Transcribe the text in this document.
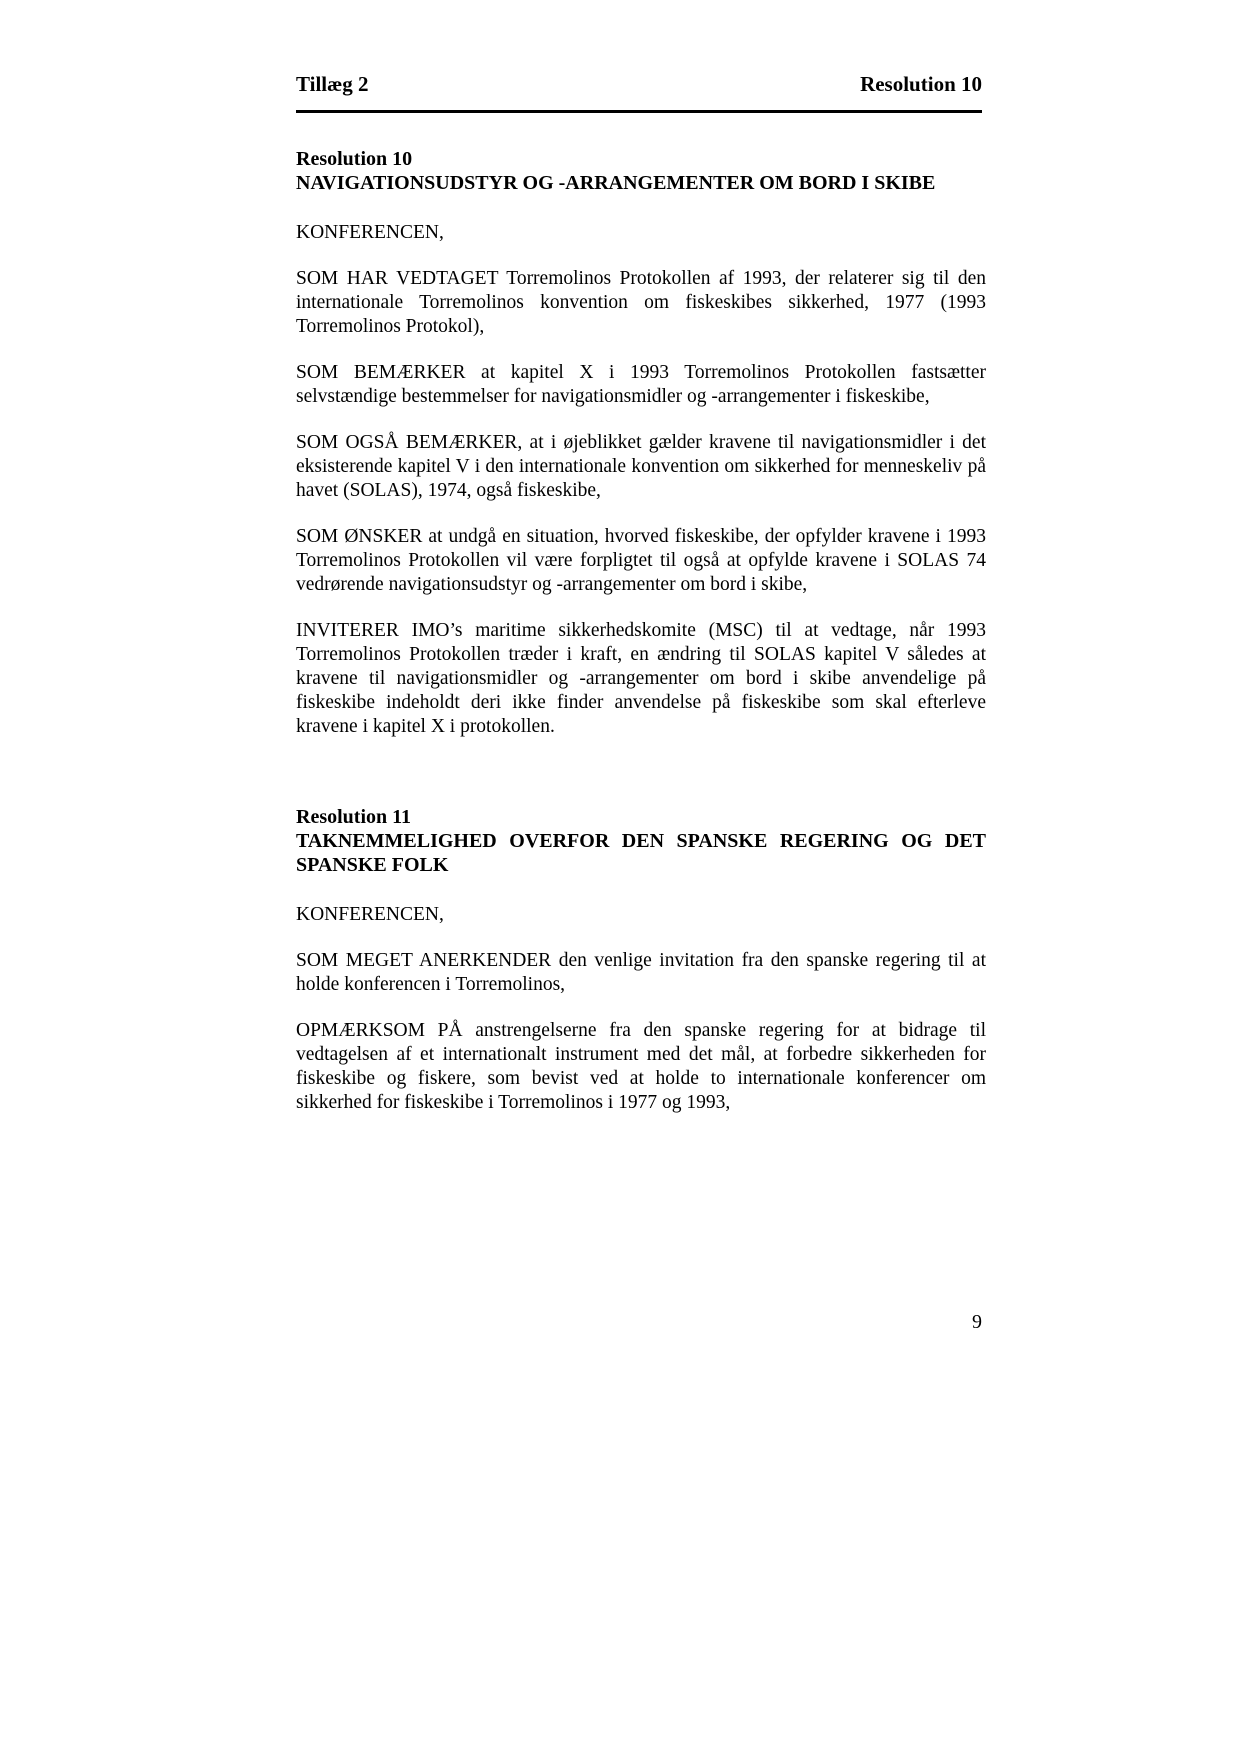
Tillæg 2	Resolution 10
Resolution 10
NAVIGATIONSUDSTYR OG -ARRANGEMENTER OM BORD I SKIBE

KONFERENCEN,

SOM HAR VEDTAGET Torremolinos Protokollen af 1993, der relaterer sig til den internationale Torremolinos konvention om fiskeskibes sikkerhed, 1977 (1993 Torremolinos Protokol),

SOM BEMÆRKER at kapitel X i 1993 Torremolinos Protokollen fastsætter selvstændige bestemmelser for navigationsmidler og -arrangementer i fiskeskibe,

SOM OGSÅ BEMÆRKER, at i øjeblikket gælder kravene til navigationsmidler i det eksisterende kapitel V i den internationale konvention om sikkerhed for menneskeliv på havet (SOLAS), 1974, også fiskeskibe,

SOM ØNSKER at undgå en situation, hvorved fiskeskibe, der opfylder kravene i 1993 Torremolinos Protokollen vil være forpligtet til også at opfylde kravene i SOLAS 74 vedrørende navigationsudstyr og -arrangementer om bord i skibe,

INVITERER IMO’s maritime sikkerhedskomite (MSC) til at vedtage, når 1993 Torremolinos Protokollen træder i kraft, en ændring til SOLAS kapitel V således at kravene til navigationsmidler og -arrangementer om bord i skibe anvendelige på fiskeskibe indeholdt deri ikke finder anvendelse på fiskeskibe som skal efterleve kravene i kapitel X i protokollen.

Resolution 11
TAKNEMMELIGHED OVERFOR DEN SPANSKE REGERING OG DET SPANSKE FOLK

KONFERENCEN,

SOM MEGET ANERKENDER den venlige invitation fra den spanske regering til at holde konferencen i Torremolinos,

OPMÆRKSOM PÅ anstrengelserne fra den spanske regering for at bidrage til vedtagelsen af et internationalt instrument med det mål, at forbedre sikkerheden for fiskeskibe og fiskere, som bevist ved at holde to internationale konferencer om sikkerhed for fiskeskibe i Torremolinos i 1977 og 1993,

9
